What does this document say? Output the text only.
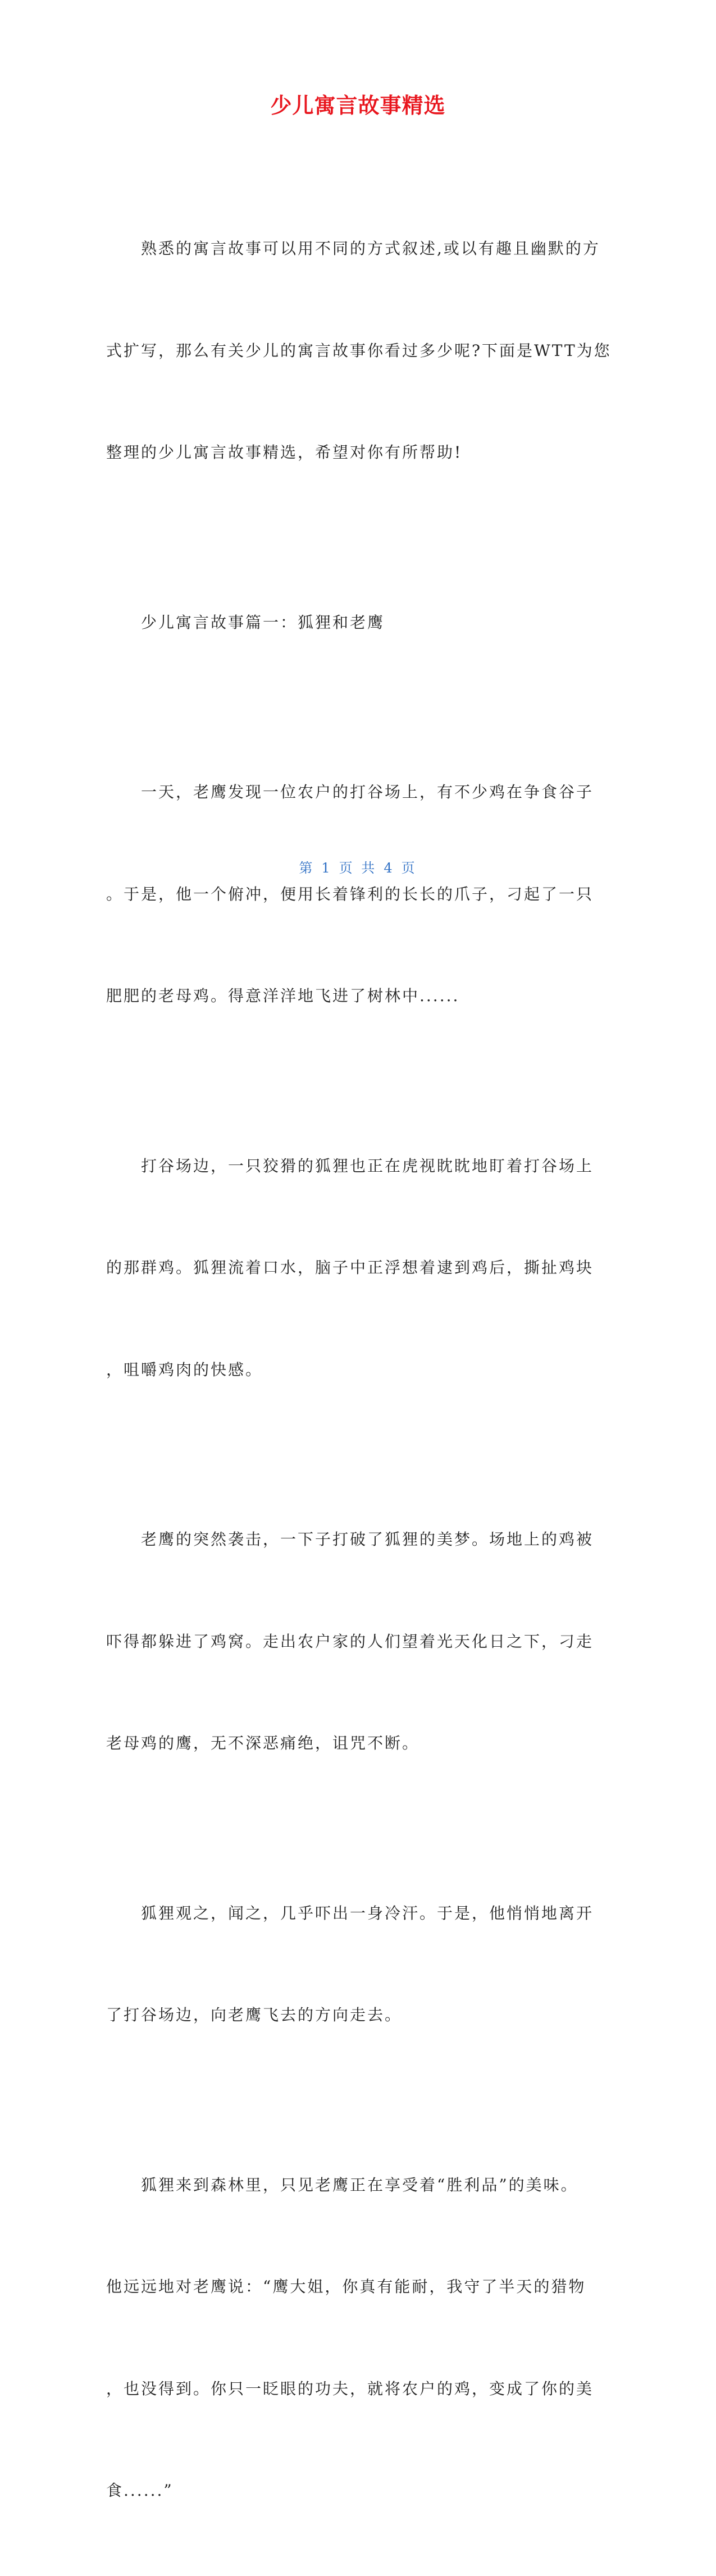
少儿寓言故事精选

熟悉的寓言故事可以用不同的方式叙述,或以有趣且幽默的方

式扩写，那么有关少儿的寓言故事你看过多少呢?下面是WTT为您

整理的少儿寓言故事精选，希望对你有所帮助!

少儿寓言故事篇一：狐狸和老鹰

一天，老鹰发现一位农户的打谷场上，有不少鸡在争食谷子

。于是，他一个俯冲，便用长着锋利的长长的爪子，刁起了一只

肥肥的老母鸡。得意洋洋地飞进了树林中......

打谷场边，一只狡猾的狐狸也正在虎视眈眈地盯着打谷场上

的那群鸡。狐狸流着口水，脑子中正浮想着逮到鸡后，撕扯鸡块

，咀嚼鸡肉的快感。

老鹰的突然袭击，一下子打破了狐狸的美梦。场地上的鸡被

吓得都躲进了鸡窝。走出农户家的人们望着光天化日之下，刁走

老母鸡的鹰，无不深恶痛绝，诅咒不断。

狐狸观之，闻之，几乎吓出一身冷汗。于是，他悄悄地离开

了打谷场边，向老鹰飞去的方向走去。

狐狸来到森林里，只见老鹰正在享受着“胜利品”的美味。

他远远地对老鹰说：“鹰大姐，你真有能耐，我守了半天的猎物

，也没得到。你只一眨眼的功夫，就将农户的鸡，变成了你的美

食......”

第 1 页 共 4 页
